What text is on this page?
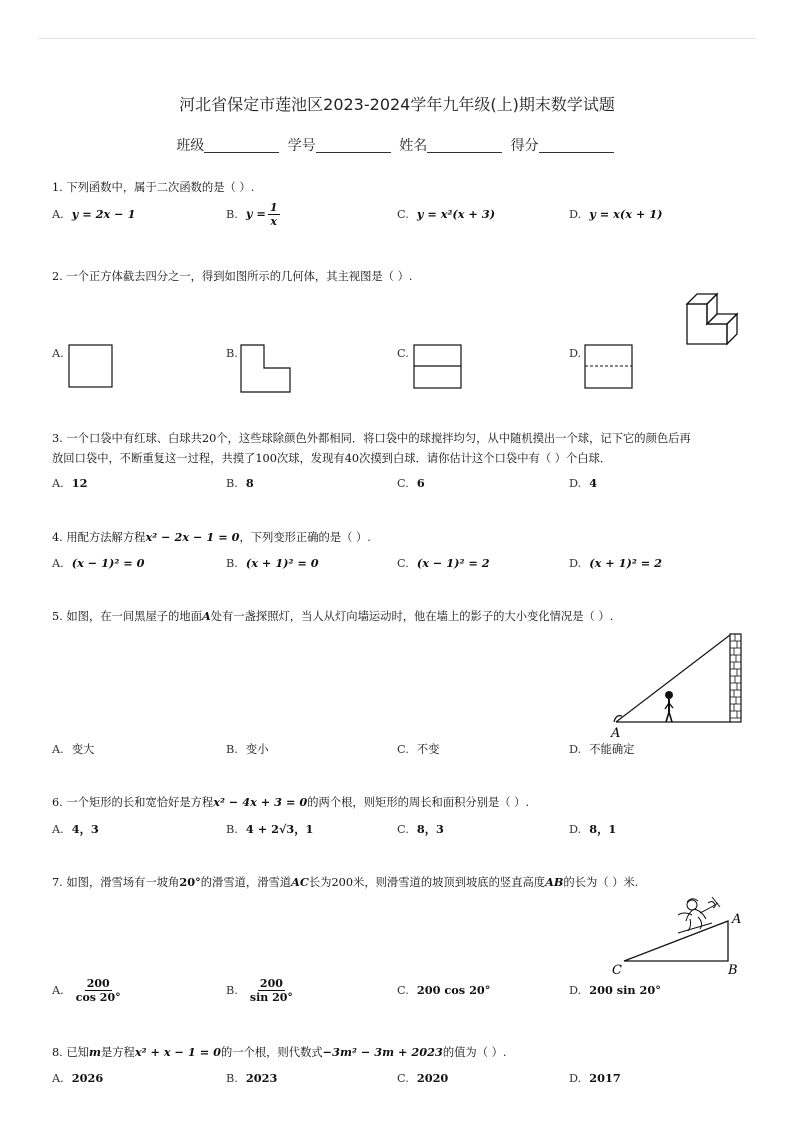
河北省保定市莲池区2023-2024学年九年级(上)期末数学试题
班级	学号	姓名	得分
1. 下列函数中，属于二次函数的是（ ）.
A. y = 2x − 1	B. $y = \frac{1}{x}$	C. y = x²(x + 3)	D. y = x(x + 1)
2. 一个正方体截去四分之一，得到如图所示的几何体，其主视图是（ ）.
A.	B.	C.	D.
3. 一个口袋中有红球、白球共20个，这些球除颜色外都相同．将口袋中的球搅拌均匀，从中随机摸出一个球，记下它的颜色后再
放回口袋中，不断重复这一过程，共摸了100次球，发现有40次摸到白球．请你估计这个口袋中有（ ）个白球．
A. 12	B. 8	C. 6	D. 4
4. 用配方法解方程x² − 2x − 1 = 0，下列变形正确的是（ ）.
A. (x − 1)² = 0	B. (x + 1)² = 0	C. (x − 1)² = 2	D. (x + 1)² = 2
5. 如图，在一间黑屋子的地面A处有一盏探照灯，当人从灯向墙运动时，他在墙上的影子的大小变化情况是（ ）.
A
A. 变大	B. 变小	C. 不变	D. 不能确定
6. 一个矩形的长和宽恰好是方程x² − 4x + 3 = 0的两个根，则矩形的周长和面积分别是（ ）.
A. 4，3	B. 4 + 2√3，1	C. 8，3	D. 8，1
7. 如图，滑雪场有一坡角20°的滑雪道，滑雪道AC长为200米，则滑雪道的坡顶到坡底的竖直高度AB的长为（ ）米.
A
B
C
A. $\frac{200}{\cos 20^\circ}$	B. $\frac{200}{\sin 20^\circ}$	C. 200 cos 20°	D. 200 sin 20°
8. 已知m是方程x² + x − 1 = 0的一个根，则代数式−3m² − 3m + 2023的值为（ ）.
A. 2026	B. 2023	C. 2020	D. 2017
